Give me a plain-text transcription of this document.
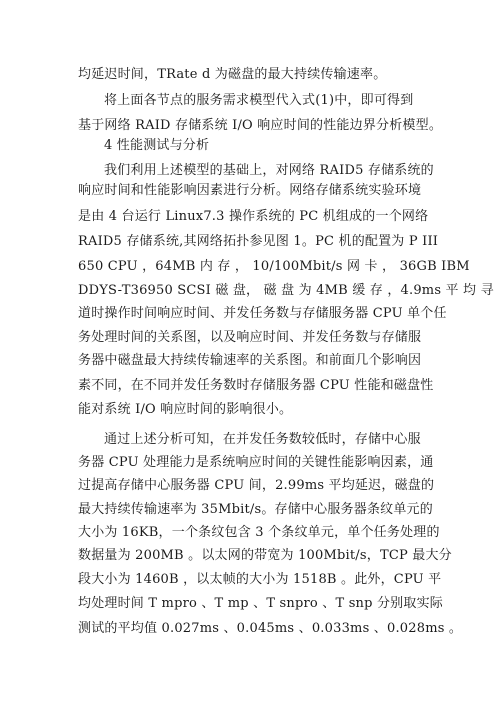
均延迟时间，TRate d 为磁盘的最大持续传输速率。
将上面各节点的服务需求模型代入式(1)中，即可得到
基于网络 RAID 存储系统 I/O 响应时间的性能边界分析模型。
4 性能测试与分析
我们利用上述模型的基础上，对网络 RAID5 存储系统的
响应时间和性能影响因素进行分析。网络存储系统实验环境
是由 4 台运行 Linux7.3 操作系统的 PC 机组成的一个网络
RAID5 存储系统,其网络拓扑参见图 1。PC 机的配置为 P III
650 CPU ，64MB 内 存 ， 10/100Mbit/s 网 卡 ， 36GB IBM
DDYS-T36950 SCSI 磁 盘， 磁 盘 为 4MB 缓 存 ，4.9ms 平 均 寻
道时操作时间响应时间、并发任务数与存储服务器 CPU 单个任
务处理时间的关系图，以及响应时间、并发任务数与存储服
务器中磁盘最大持续传输速率的关系图。和前面几个影响因
素不同，在不同并发任务数时存储服务器 CPU 性能和磁盘性
能对系统 I/O 响应时间的影响很小。
通过上述分析可知，在并发任务数较低时，存储中心服
务器 CPU 处理能力是系统响应时间的关键性能影响因素，通
过提高存储中心服务器 CPU 间，2.99ms 平均延迟，磁盘的
最大持续传输速率为 35Mbit/s。存储中心服务器条纹单元的
大小为 16KB，一个条纹包含 3 个条纹单元，单个任务处理的
数据量为 200MB 。以太网的带宽为 100Mbit/s，TCP 最大分
段大小为 1460B ，以太帧的大小为 1518B 。此外，CPU 平
均处理时间 T mpro 、T mp 、T snpro 、T snp 分别取实际
测试的平均值 0.027ms 、0.045ms 、0.033ms 、0.028ms 。
